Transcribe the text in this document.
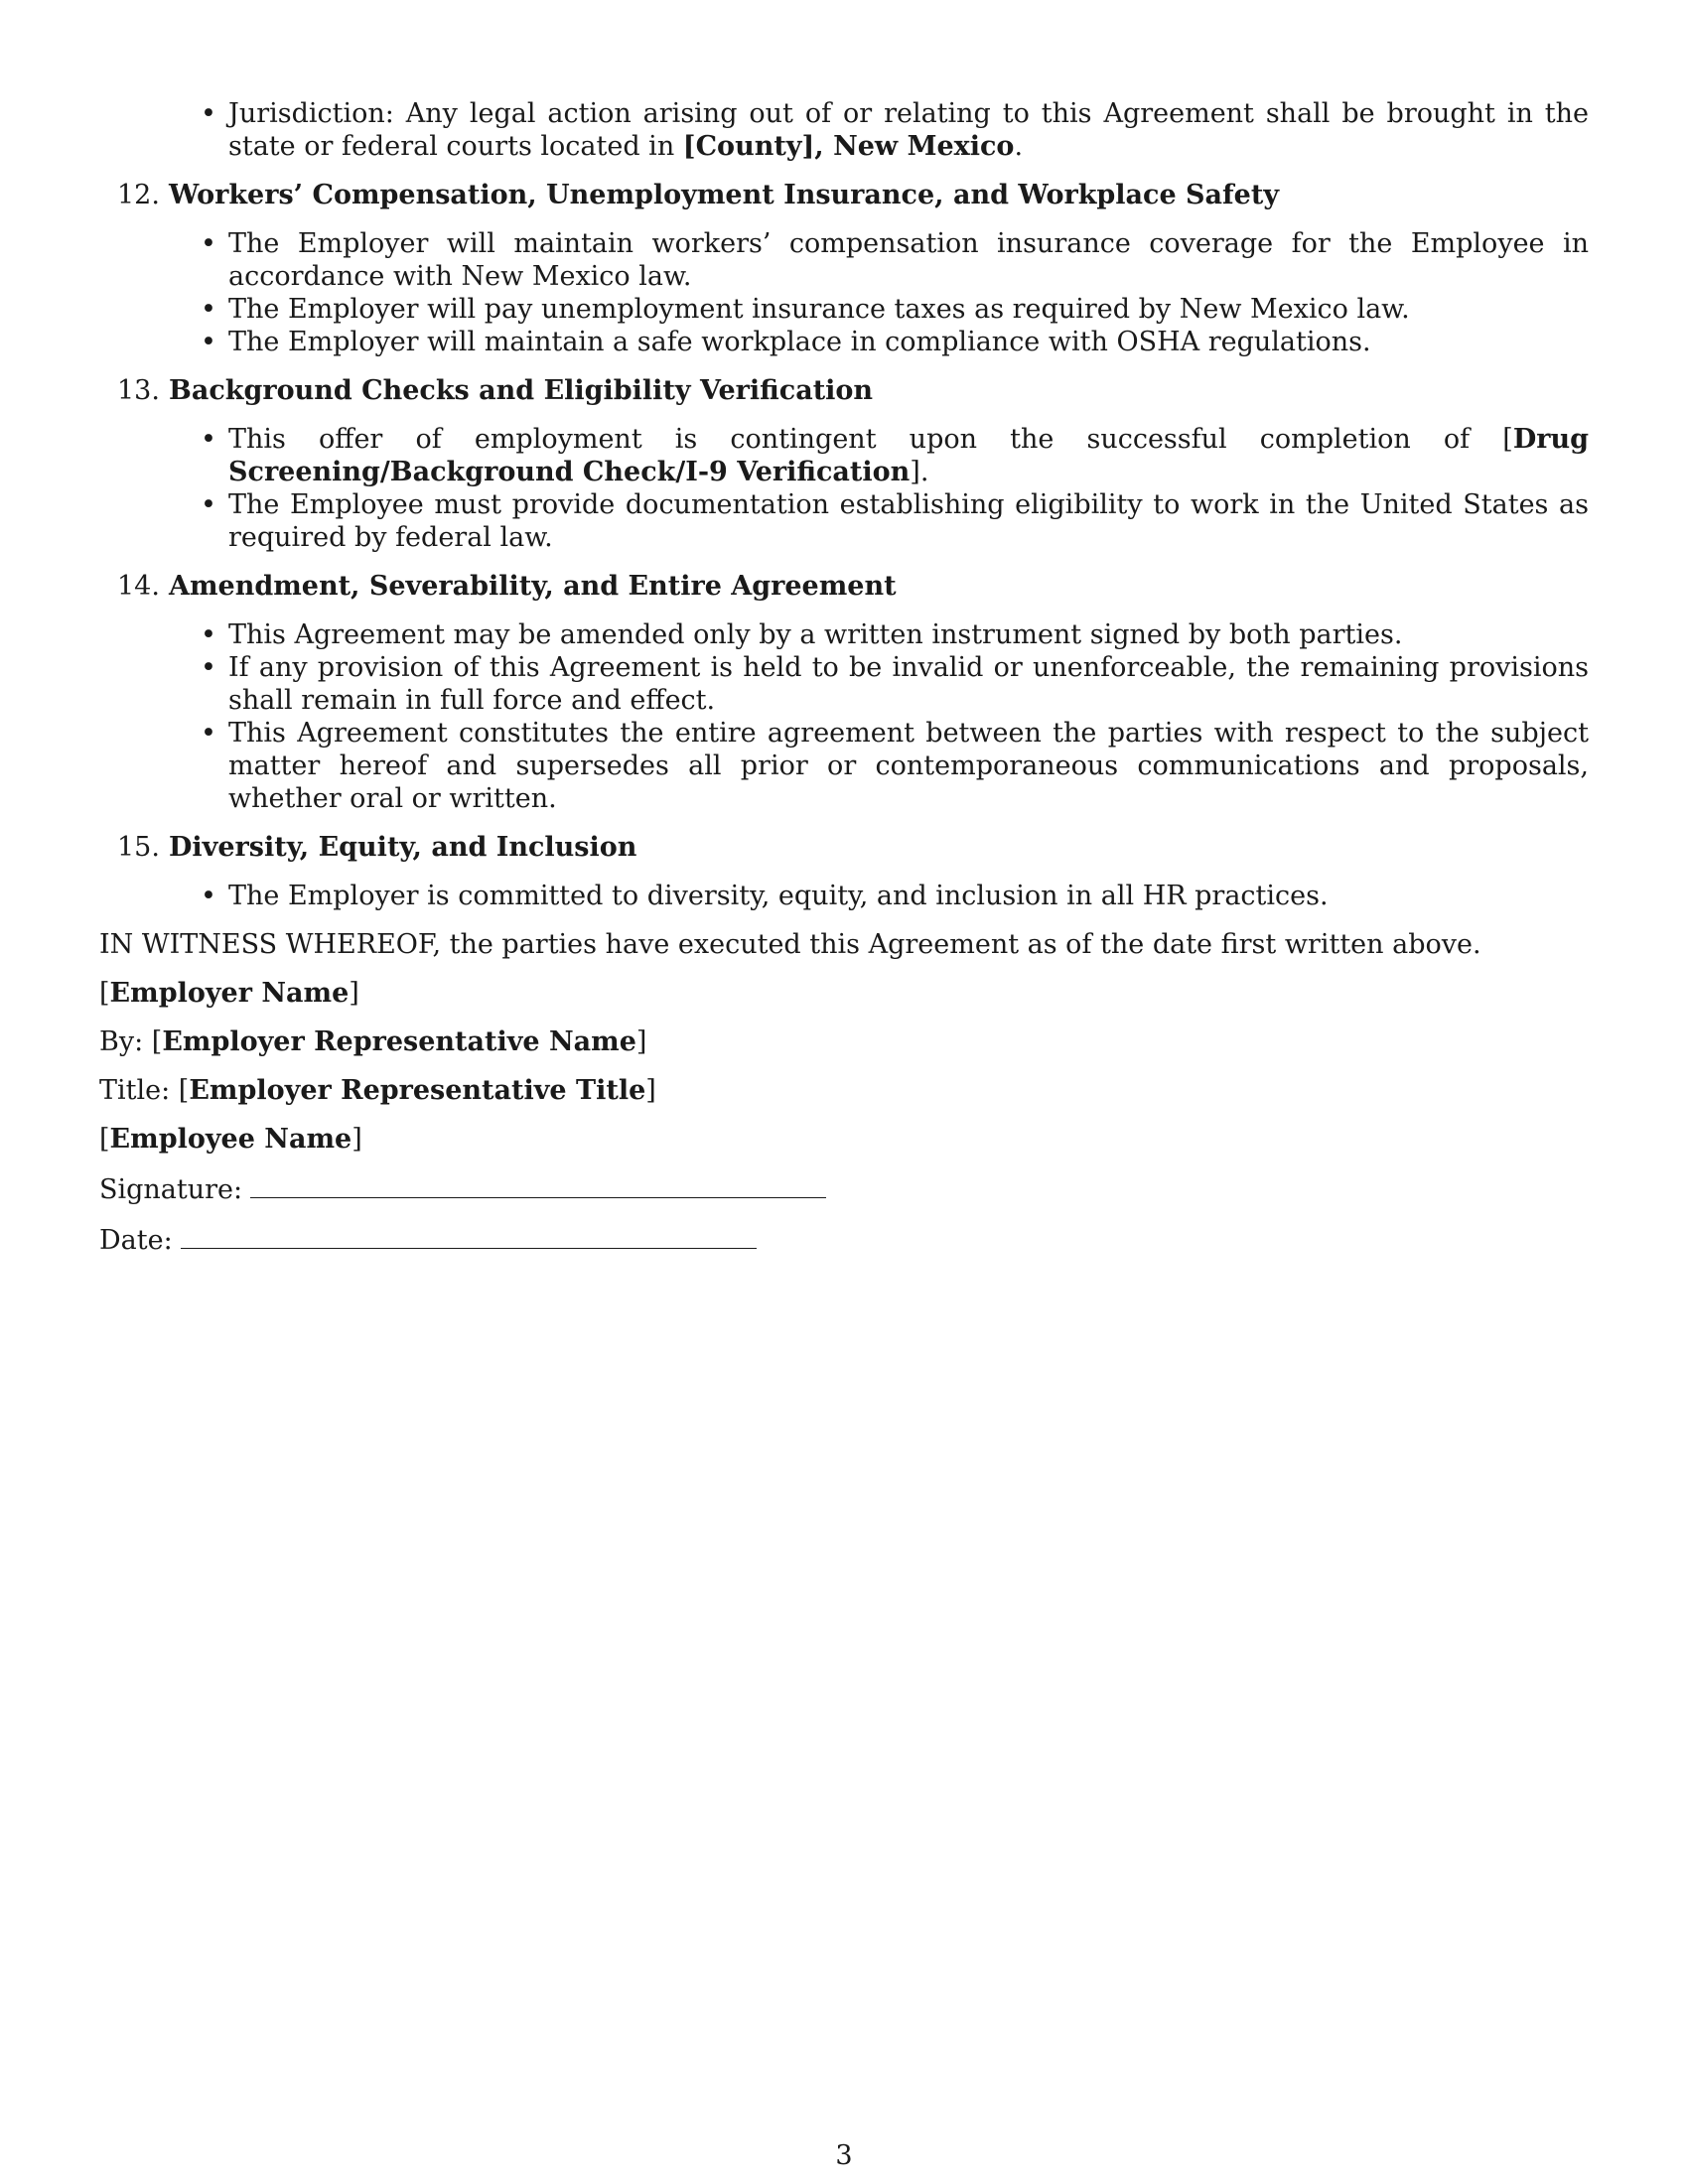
• Jurisdiction: Any legal action arising out of or relating to this Agreement shall be brought in the state or federal courts located in [County], New Mexico.
12. Workers’ Compensation, Unemployment Insurance, and Workplace Safety
• The Employer will maintain workers’ compensation insurance coverage for the Employee in accordance with New Mexico law.
• The Employer will pay unemployment insurance taxes as required by New Mexico law.
• The Employer will maintain a safe workplace in compliance with OSHA regulations.
13. Background Checks and Eligibility Verification
• This offer of employment is contingent upon the successful completion of [Drug Screening/Background Check/I-9 Verification].
• The Employee must provide documentation establishing eligibility to work in the United States as required by federal law.
14. Amendment, Severability, and Entire Agreement
• This Agreement may be amended only by a written instrument signed by both parties.
• If any provision of this Agreement is held to be invalid or unenforceable, the remaining provisions shall remain in full force and effect.
• This Agreement constitutes the entire agreement between the parties with respect to the subject matter hereof and supersedes all prior or contemporaneous communications and proposals, whether oral or written.
15. Diversity, Equity, and Inclusion
• The Employer is committed to diversity, equity, and inclusion in all HR practices.
IN WITNESS WHEREOF, the parties have executed this Agreement as of the date first written above.
[Employer Name]
By: [Employer Representative Name]
Title: [Employer Representative Title]
[Employee Name]
Signature:
Date:
3
